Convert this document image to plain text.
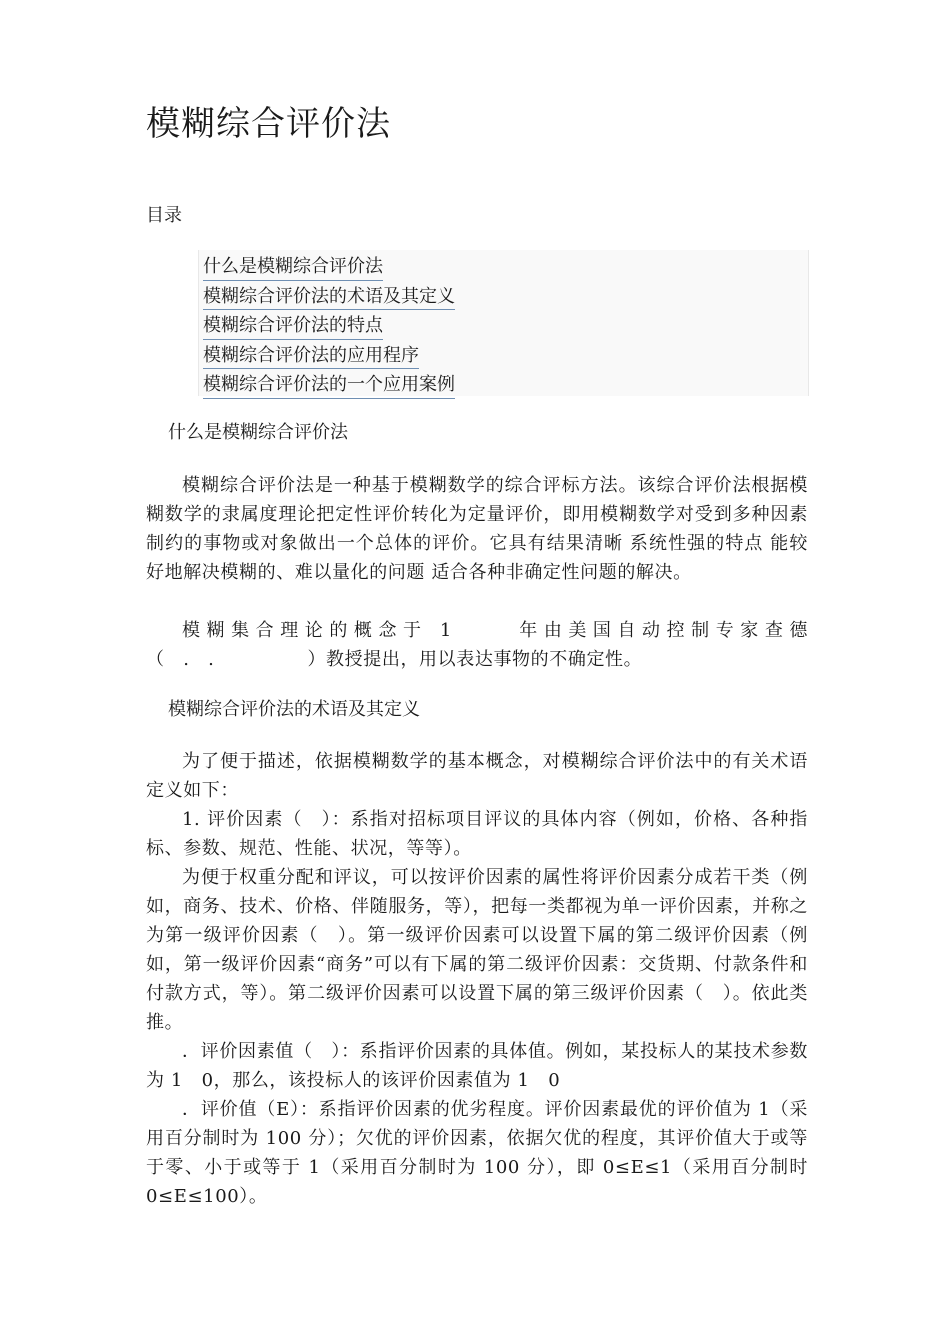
模糊综合评价法
目录
什么是模糊综合评价法
模糊综合评价法的术语及其定义
模糊综合评价法的特点
模糊综合评价法的应用程序
模糊综合评价法的一个应用案例
什么是模糊综合评价法

模糊综合评价法是一种基于模糊数学的综合评标方法。该综合评价法根据模糊数学的隶属度理论把定性评价转化为定量评价，即用模糊数学对受到多种因素制约的事物或对象做出一个总体的评价。它具有结果清晰 系统性强的特点 能较好地解决模糊的、难以量化的问题 适合各种非确定性问题的解决。

模糊集合理论的概念于 1　　 年由美国自动控制专家查德（　.　.　　　　　）教授提出，用以表达事物的不确定性。

模糊综合评价法的术语及其定义

为了便于描述，依据模糊数学的基本概念，对模糊综合评价法中的有关术语定义如下：

1. 评价因素（　）：系指对招标项目评议的具体内容（例如，价格、各种指标、参数、规范、性能、状况，等等）。

为便于权重分配和评议，可以按评价因素的属性将评价因素分成若干类（例如，商务、技术、价格、伴随服务，等），把每一类都视为单一评价因素，并称之为第一级评价因素（　）。第一级评价因素可以设置下属的第二级评价因素（例如，第一级评价因素“商务”可以有下属的第二级评价因素：交货期、付款条件和付款方式，等）。第二级评价因素可以设置下属的第三级评价因素（　）。依此类推。

．评价因素值（　）：系指评价因素的具体值。例如，某投标人的某技术参数为 1　0，那么，该投标人的该评价因素值为 1　0

．评价值（E）：系指评价因素的优劣程度。评价因素最优的评价值为 1（采用百分制时为 100 分）；欠优的评价因素，依据欠优的程度，其评价值大于或等于零、小于或等于 1（采用百分制时为 100 分），即 0≤E≤1（采用百分制时 0≤E≤100）。
